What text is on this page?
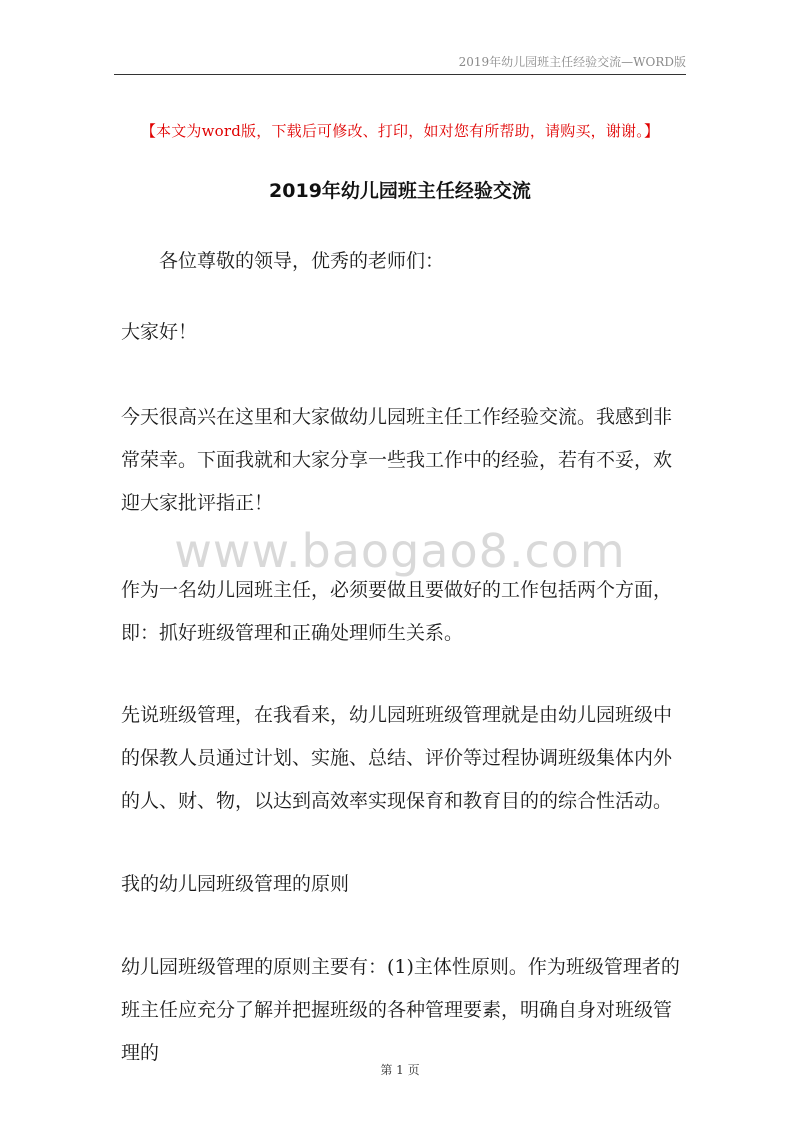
2019年幼儿园班主任经验交流—WORD版
【本文为word版，下载后可修改、打印，如对您有所帮助，请购买，谢谢。】
2019年幼儿园班主任经验交流

各位尊敬的领导，优秀的老师们：

大家好！

今天很高兴在这里和大家做幼儿园班主任工作经验交流。我感到非常荣幸。下面我就和大家分享一些我工作中的经验，若有不妥，欢迎大家批评指正！

www.baogao8.com

作为一名幼儿园班主任，必须要做且要做好的工作包括两个方面，即：抓好班级管理和正确处理师生关系。

先说班级管理，在我看来，幼儿园班班级管理就是由幼儿园班级中的保教人员通过计划、实施、总结、评价等过程协调班级集体内外的人、财、物，以达到高效率实现保育和教育目的的综合性活动。

我的幼儿园班级管理的原则

幼儿园班级管理的原则主要有：(1)主体性原则。作为班级管理者的班主任应充分了解并把握班级的各种管理要素，明确自身对班级管理的

第 1 页
